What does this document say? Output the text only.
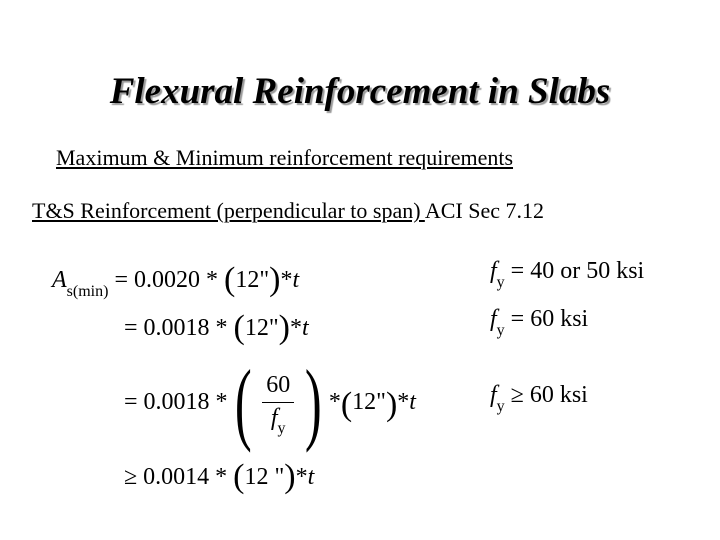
Flexural Reinforcement in Slabs
Maximum & Minimum reinforcement requirements
T&S Reinforcement (perpendicular to span) ACI Sec 7.12
$A_{s(min)} = 0.0020$ * (12")*t
= 0.0018 * (12")*t
= 0.0018 * ( $\frac{60}{f_y}$ ) * ( 12" ) * t
≥ 0.0014 * (12 ")*t
$f_y = 40$ or 50 ksi
$f_y = 60$ ksi
$f_y \ge 60$ ksi
